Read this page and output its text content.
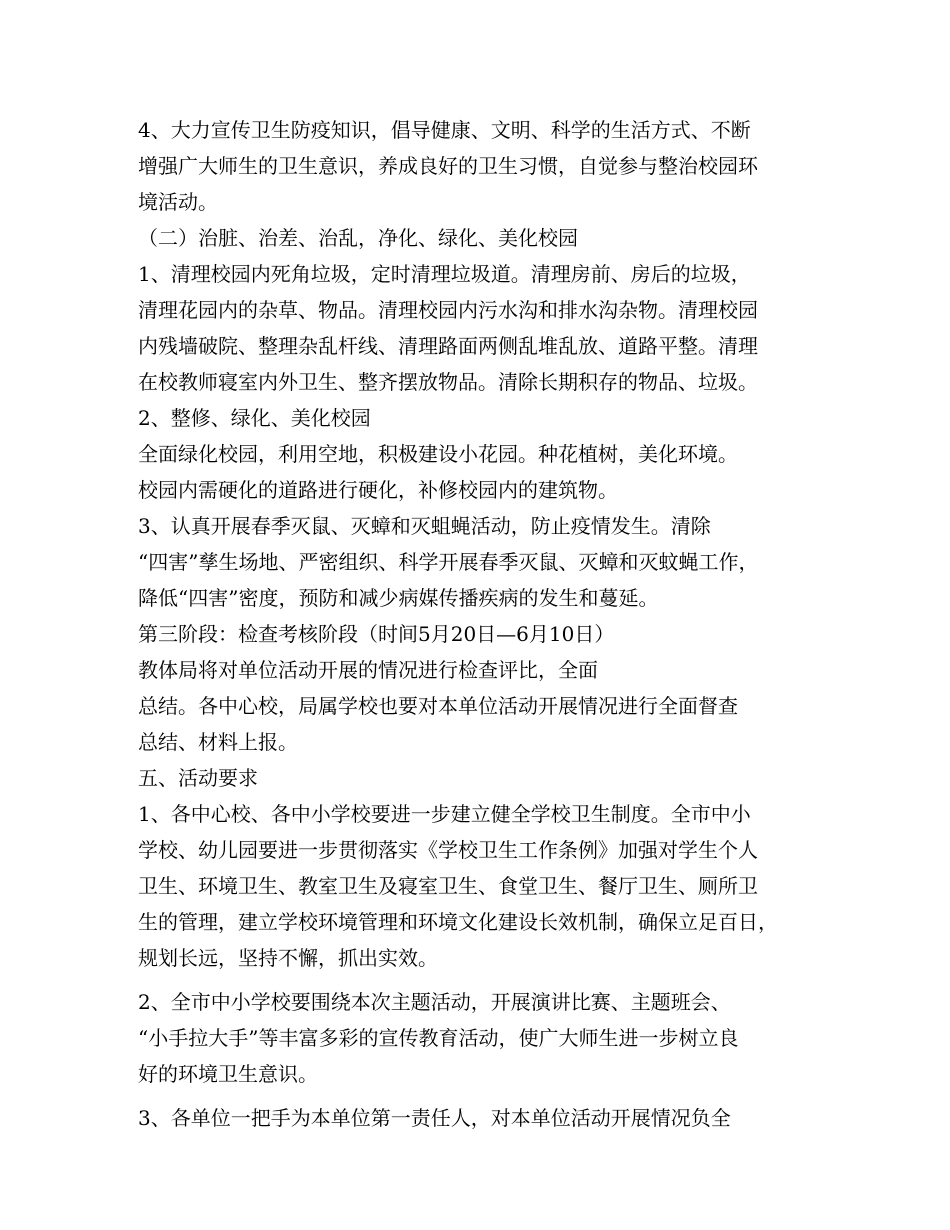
4、大力宣传卫生防疫知识，倡导健康、文明、科学的生活方式、不断

增强广大师生的卫生意识，养成良好的卫生习惯，自觉参与整治校园环

境活动。

（二）治脏、治差、治乱，净化、绿化、美化校园

1、清理校园内死角垃圾，定时清理垃圾道。清理房前、房后的垃圾，

清理花园内的杂草、物品。清理校园内污水沟和排水沟杂物。清理校园

内残墙破院、整理杂乱杆线、清理路面两侧乱堆乱放、道路平整。清理

在校教师寝室内外卫生、整齐摆放物品。清除长期积存的物品、垃圾。

2、整修、绿化、美化校园

全面绿化校园，利用空地，积极建设小花园。种花植树，美化环境。

校园内需硬化的道路进行硬化，补修校园内的建筑物。

3、认真开展春季灭鼠、灭蟑和灭蛆蝇活动，防止疫情发生。清除

“四害”孳生场地、严密组织、科学开展春季灭鼠、灭蟑和灭蚊蝇工作，

降低“四害”密度，预防和减少病媒传播疾病的发生和蔓延。

第三阶段：检查考核阶段（时间5月20日—6月10日）

教体局将对单位活动开展的情况进行检查评比，全面

总结。各中心校，局属学校也要对本单位活动开展情况进行全面督查

总结、材料上报。

五、活动要求

1、各中心校、各中小学校要进一步建立健全学校卫生制度。全市中小

学校、幼儿园要进一步贯彻落实《学校卫生工作条例》加强对学生个人

卫生、环境卫生、教室卫生及寝室卫生、食堂卫生、餐厅卫生、厕所卫

生的管理，建立学校环境管理和环境文化建设长效机制，确保立足百日，

规划长远，坚持不懈，抓出实效。

2、全市中小学校要围绕本次主题活动，开展演讲比赛、主题班会、

“小手拉大手”等丰富多彩的宣传教育活动，使广大师生进一步树立良

好的环境卫生意识。

3、各单位一把手为本单位第一责任人，对本单位活动开展情况负全
